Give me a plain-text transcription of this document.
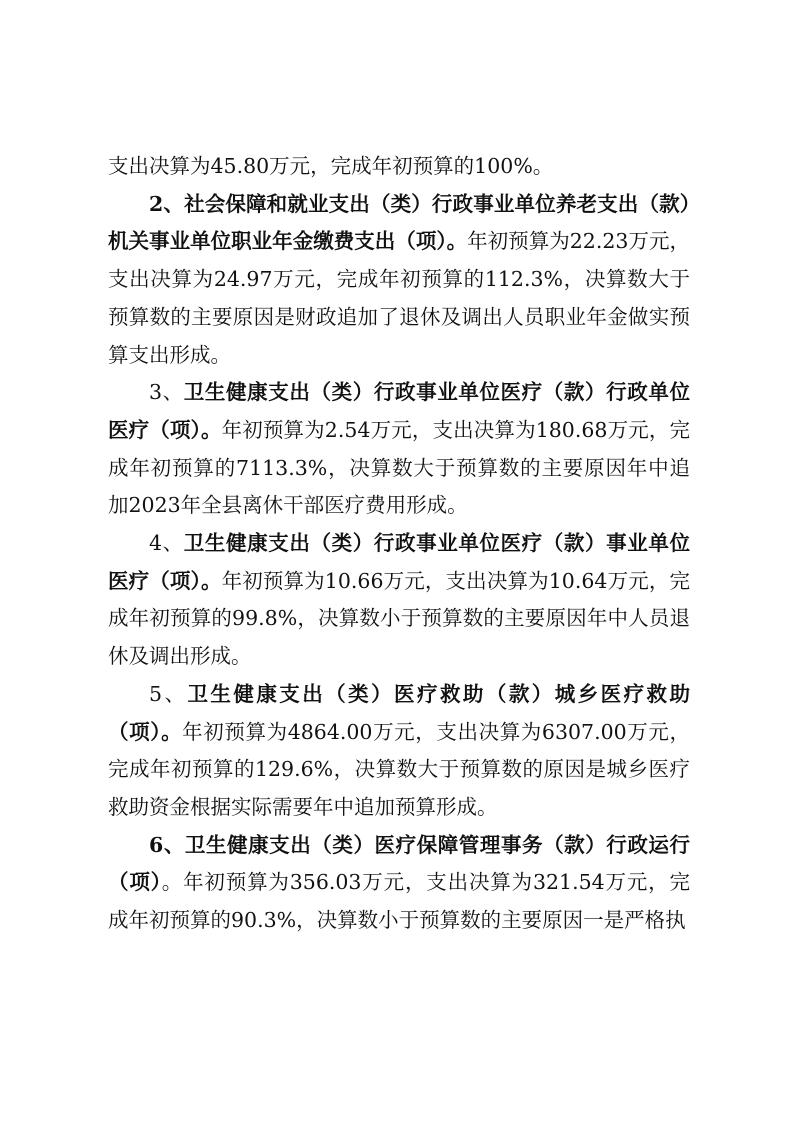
支出决算为45.80万元，完成年初预算的100%。

2、社会保障和就业支出（类）行政事业单位养老支出（款）机关事业单位职业年金缴费支出（项）。年初预算为22.23万元，支出决算为24.97万元，完成年初预算的112.3%，决算数大于预算数的主要原因是财政追加了退休及调出人员职业年金做实预算支出形成。

3、卫生健康支出（类）行政事业单位医疗（款）行政单位医疗（项）。年初预算为2.54万元，支出决算为180.68万元，完成年初预算的7113.3%，决算数大于预算数的主要原因年中追加2023年全县离休干部医疗费用形成。

4、卫生健康支出（类）行政事业单位医疗（款）事业单位医疗（项）。年初预算为10.66万元，支出决算为10.64万元，完成年初预算的99.8%，决算数小于预算数的主要原因年中人员退休及调出形成。

5、卫生健康支出（类）医疗救助（款）城乡医疗救助（项）。年初预算为4864.00万元，支出决算为6307.00万元，完成年初预算的129.6%，决算数大于预算数的原因是城乡医疗救助资金根据实际需要年中追加预算形成。

6、卫生健康支出（类）医疗保障管理事务（款）行政运行（项）。年初预算为356.03万元，支出决算为321.54万元，完成年初预算的90.3%，决算数小于预算数的主要原因一是严格执
